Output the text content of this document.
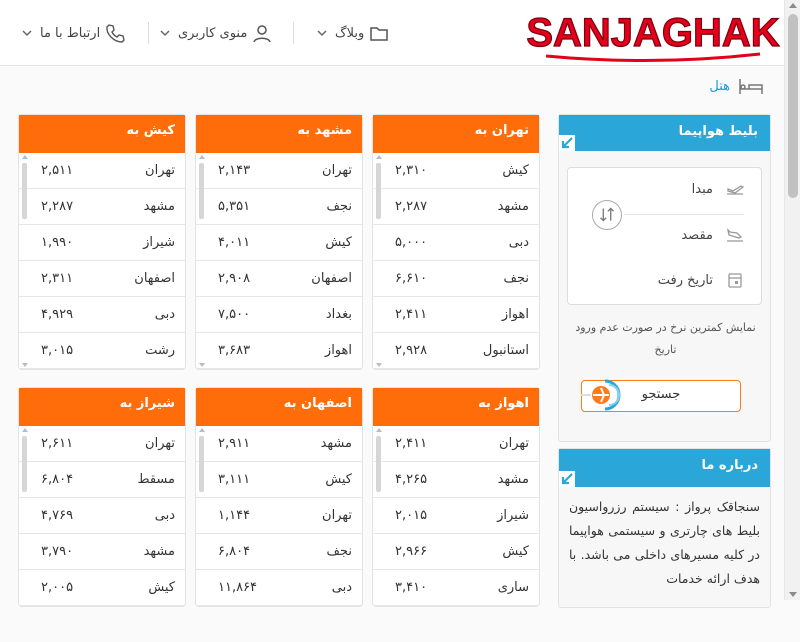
SANJAGHAK
وبلاگ
منوی کاربری
ارتباط با ما
هتل
تهران به
کیش
۲,۳۱۰
مشهد
۲,۲۸۷
دبی
۵,۰۰۰
نجف
۶,۶۱۰
اهواز
۲,۴۱۱
استانبول
۲,۹۲۸
مشهد به
تهران
۲,۱۴۳
نجف
۵,۳۵۱
کیش
۴,۰۱۱
اصفهان
۲,۹۰۸
بغداد
۷,۵۰۰
اهواز
۳,۶۸۳
کیش به
تهران
۲,۵۱۱
مشهد
۲,۲۸۷
شیراز
۱,۹۹۰
اصفهان
۲,۳۱۱
دبی
۴,۹۲۹
رشت
۳,۰۱۵
اهواز به
تهران
۲,۴۱۱
مشهد
۴,۲۶۵
شیراز
۲,۰۱۵
کیش
۲,۹۶۶
ساری
۳,۴۱۰
اصفهان به
مشهد
۲,۹۱۱
کیش
۳,۱۱۱
تهران
۱,۱۴۴
نجف
۶,۸۰۴
دبی
۱۱,۸۶۴
شیراز به
تهران
۲,۶۱۱
مسقط
۶,۸۰۴
دبی
۴,۷۶۹
مشهد
۳,۷۹۰
کیش
۲,۰۰۵
بلیط هواپیما
مبدا
مقصد
تاریخ رفت
نمایش کمترین نرخ در صورت عدم ورود تاریخ
جستجو
درباره ما
سنجاقک پرواز : سیستم رزرواسیون بلیط های چارتری و سیستمی هواپیما در کلیه مسیرهای داخلی می باشد. با هدف ارائه خدمات
